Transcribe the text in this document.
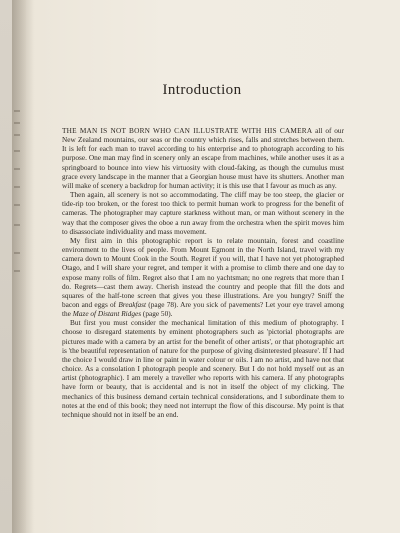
Introduction

THE MAN IS NOT BORN WHO CAN ILLUSTRATE WITH HIS CAMERA all of our New Zealand mountains, our seas or the country which rises, falls and stretches between them. It is left for each man to travel according to his enterprise and to photograph according to his purpose. One man may find in scenery only an escape from machines, while another uses it as a springboard to bounce into view his virtuosity with cloud-faking, as though the cumulus must grace every landscape in the manner that a Georgian house must have its shutters. Another man will make of scenery a backdrop for human activity; it is this use that I favour as much as any.

Then again, all scenery is not so accommodating. The cliff may be too steep, the glacier or tide-rip too broken, or the forest too thick to permit human work to progress for the benefit of cameras. The photographer may capture starkness without man, or man without scenery in the way that the composer gives the oboe a run away from the orchestra when the spirit moves him to disassociate individuality and mass movement.

My first aim in this photographic report is to relate mountain, forest and coastline environment to the lives of people. From Mount Egmont in the North Island, travel with my camera down to Mount Cook in the South. Regret if you will, that I have not yet photographed Otago, and I will share your regret, and temper it with a promise to climb there and one day to expose many rolls of film. Regret also that I am no yachtsman; no one regrets that more than I do. Regrets—cast them away. Cherish instead the country and people that fill the dots and squares of the half-tone screen that gives you these illustrations. Are you hungry? Sniff the bacon and eggs of Breakfast (page 78). Are you sick of pavements? Let your eye travel among the Maze of Distant Ridges (page 50).

But first you must consider the mechanical limitation of this medium of photography. I choose to disregard statements by eminent photographers such as 'pictorial photographs are pictures made with a camera by an artist for the benefit of other artists', or that photographic art is 'the beautiful representation of nature for the purpose of giving disinterested pleasure'. If I had the choice I would draw in line or paint in water colour or oils. I am no artist, and have not that choice. As a consolation I photograph people and scenery. But I do not hold myself out as an artist (photographic). I am merely a traveller who reports with his camera. If any photographs have form or beauty, that is accidental and is not in itself the object of my clicking. The mechanics of this business demand certain technical considerations, and I subordinate them to notes at the end of this book; they need not interrupt the flow of this discourse. My point is that technique should not in itself be an end.
